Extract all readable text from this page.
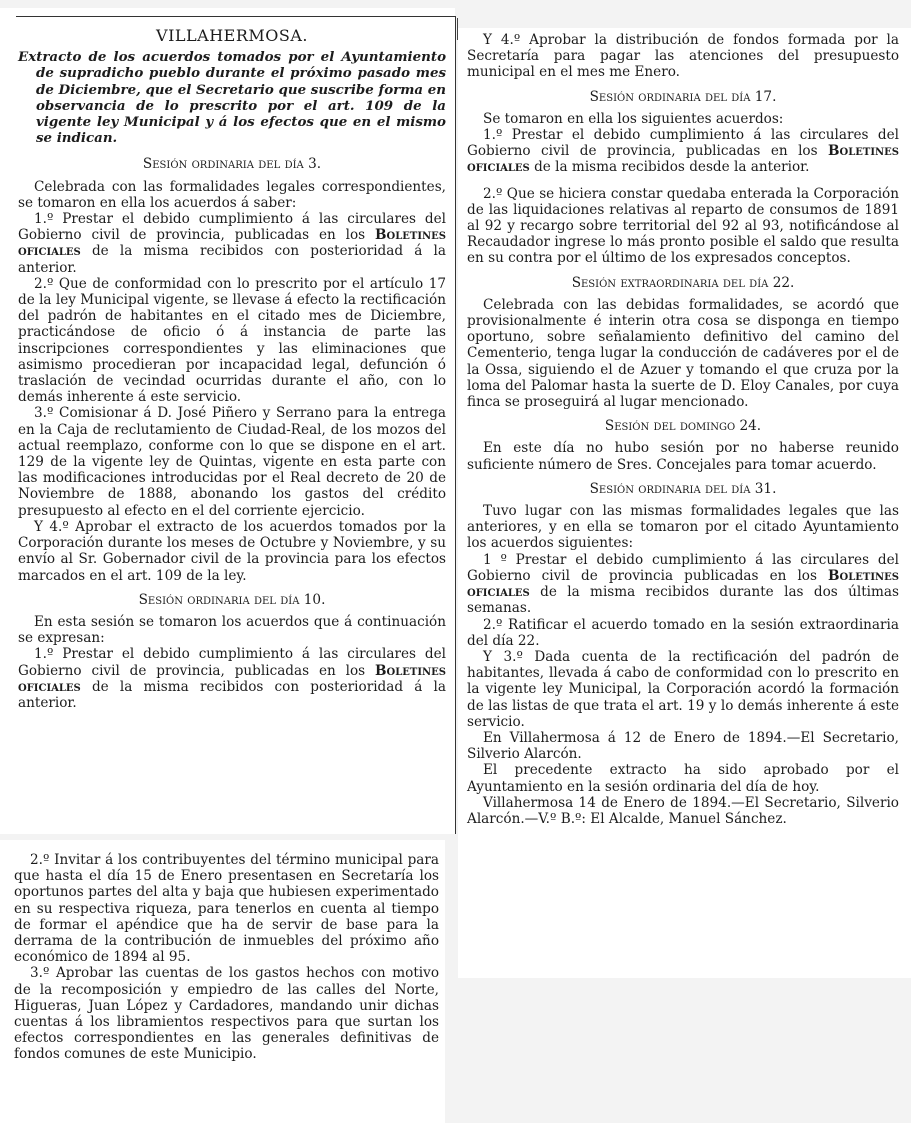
VILLAHERMOSA.
Extracto de los acuerdos tomados por el Ayuntamiento de supradicho pueblo durante el próximo pasado mes de Diciembre, que el Secretario que suscribe forma en observancia de lo prescrito por el art. 109 de la vigente ley Municipal y á los efectos que en el mismo se indican.
Sesión ordinaria del día 3.

Celebrada con las formalidades legales correspondientes, se tomaron en ella los acuerdos á saber:

1.º Prestar el debido cumplimiento á las circulares del Gobierno civil de provincia, publicadas en los Boletines oficiales de la misma recibidos con posterioridad á la anterior.

2.º Que de conformidad con lo prescrito por el artículo 17 de la ley Municipal vigente, se llevase á efecto la rectificación del padrón de habitantes en el citado mes de Diciembre, practicándose de oficio ó á instancia de parte las inscripciones correspondientes y las eliminaciones que asimismo procedieran por incapacidad legal, defunción ó traslación de vecindad ocurridas durante el año, con lo demás inherente á este servicio.

3.º Comisionar á D. José Piñero y Serrano para la entrega en la Caja de reclutamiento de Ciudad-Real, de los mozos del actual reemplazo, conforme con lo que se dispone en el art. 129 de la vigente ley de Quintas, vigente en esta parte con las modificaciones introducidas por el Real decreto de 20 de Noviembre de 1888, abonando los gastos del crédito presupuesto al efecto en el del corriente ejercicio.

Y 4.º Aprobar el extracto de los acuerdos tomados por la Corporación durante los meses de Octubre y Noviembre, y su envío al Sr. Gobernador civil de la provincia para los efectos marcados en el art. 109 de la ley.

Sesión ordinaria del día 10.

En esta sesión se tomaron los acuerdos que á continuación se expresan:

1.º Prestar el debido cumplimiento á las circulares del Gobierno civil de provincia, publicadas en los Boletines oficiales de la misma recibidos con posterioridad á la anterior.

2.º Invitar á los contribuyentes del término municipal para que hasta el día 15 de Enero presentasen en Secretaría los oportunos partes del alta y baja que hubiesen experimentado en su respectiva riqueza, para tenerlos en cuenta al tiempo de formar el apéndice que ha de servir de base para la derrama de la contribución de inmuebles del próximo año económico de 1894 al 95.

3.º Aprobar las cuentas de los gastos hechos con motivo de la recomposición y empiedro de las calles del Norte, Higueras, Juan López y Cardadores, mandando unir dichas cuentas á los libramientos respectivos para que surtan los efectos correspondientes en las generales definitivas de fondos comunes de este Municipio.

Y 4.º Aprobar la distribución de fondos formada por la Secretaría para pagar las atenciones del presupuesto municipal en el mes me Enero.

Sesión ordinaria del día 17.

Se tomaron en ella los siguientes acuerdos:

1.º Prestar el debido cumplimiento á las circulares del Gobierno civil de provincia, publicadas en los Boletines oficiales de la misma recibidos desde la anterior.

2.º Que se hiciera constar quedaba enterada la Corporación de las liquidaciones relativas al reparto de consumos de 1891 al 92 y recargo sobre territorial del 92 al 93, notificándose al Recaudador ingrese lo más pronto posible el saldo que resulta en su contra por el último de los expresados conceptos.

Sesión extraordinaria del día 22.

Celebrada con las debidas formalidades, se acordó que provisionalmente é interin otra cosa se disponga en tiempo oportuno, sobre señalamiento definitivo del camino del Cementerio, tenga lugar la conducción de cadáveres por el de la Ossa, siguiendo el de Azuer y tomando el que cruza por la loma del Palomar hasta la suerte de D. Eloy Canales, por cuya finca se proseguirá al lugar mencionado.

Sesión del domingo 24.

En este día no hubo sesión por no haberse reunido suficiente número de Sres. Concejales para tomar acuerdo.

Sesión ordinaria del día 31.

Tuvo lugar con las mismas formalidades legales que las anteriores, y en ella se tomaron por el citado Ayuntamiento los acuerdos siguientes:

1 º Prestar el debido cumplimiento á las circulares del Gobierno civil de provincia publicadas en los Boletines oficiales de la misma recibidos durante las dos últimas semanas.

2.º Ratificar el acuerdo tomado en la sesión extraordinaria del día 22.

Y 3.º Dada cuenta de la rectificación del padrón de habitantes, llevada á cabo de conformidad con lo prescrito en la vigente ley Municipal, la Corporación acordó la formación de las listas de que trata el art. 19 y lo demás inherente á este servicio.

En Villahermosa á 12 de Enero de 1894.—El Secretario, Silverio Alarcón.

El precedente extracto ha sido aprobado por el Ayuntamiento en la sesión ordinaria del día de hoy.

Villahermosa 14 de Enero de 1894.—El Secretario, Silverio Alarcón.—V.º B.º: El Alcalde, Manuel Sánchez.
